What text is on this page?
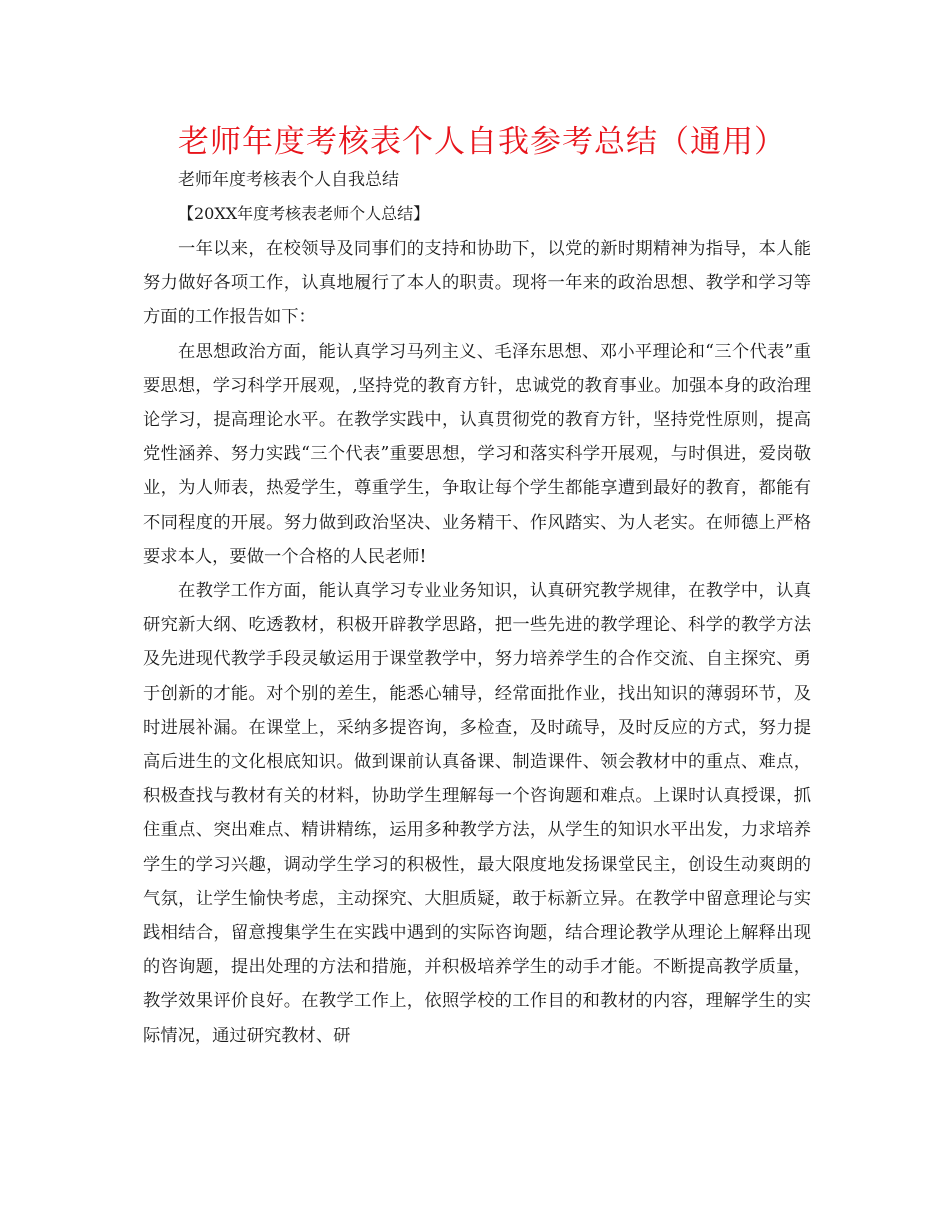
老师年度考核表个人自我参考总结（通用）
老师年度考核表个人自我总结
【20XX年度考核表老师个人总结】

一年以来，在校领导及同事们的支持和协助下，以党的新时期精神为指导，本人能努力做好各项工作，认真地履行了本人的职责。现将一年来的政治思想、教学和学习等方面的工作报告如下：

在思想政治方面，能认真学习马列主义、毛泽东思想、邓小平理论和“三个代表”重要思想，学习科学开展观，,坚持党的教育方针，忠诚党的教育事业。加强本身的政治理论学习，提高理论水平。在教学实践中，认真贯彻党的教育方针，坚持党性原则，提高党性涵养、努力实践“三个代表”重要思想，学习和落实科学开展观，与时俱进，爱岗敬业，为人师表，热爱学生，尊重学生，争取让每个学生都能享遭到最好的教育，都能有不同程度的开展。努力做到政治坚决、业务精干、作风踏实、为人老实。在师德上严格要求本人，要做一个合格的人民老师!

在教学工作方面，能认真学习专业业务知识，认真研究教学规律，在教学中，认真研究新大纲、吃透教材，积极开辟教学思路，把一些先进的教学理论、科学的教学方法及先进现代教学手段灵敏运用于课堂教学中，努力培养学生的合作交流、自主探究、勇于创新的才能。对个别的差生，能悉心辅导，经常面批作业，找出知识的薄弱环节，及时进展补漏。在课堂上，采纳多提咨询，多检查，及时疏导，及时反应的方式，努力提高后进生的文化根底知识。做到课前认真备课、制造课件、领会教材中的重点、难点，积极查找与教材有关的材料，协助学生理解每一个咨询题和难点。上课时认真授课，抓住重点、突出难点、精讲精练，运用多种教学方法，从学生的知识水平出发，力求培养学生的学习兴趣，调动学生学习的积极性，最大限度地发扬课堂民主，创设生动爽朗的气氛，让学生愉快考虑，主动探究、大胆质疑，敢于标新立异。在教学中留意理论与实践相结合，留意搜集学生在实践中遇到的实际咨询题，结合理论教学从理论上解释出现的咨询题，提出处理的方法和措施，并积极培养学生的动手才能。不断提高教学质量，教学效果评价良好。在教学工作上，依照学校的工作目的和教材的内容，理解学生的实际情况，通过研究教材、研
